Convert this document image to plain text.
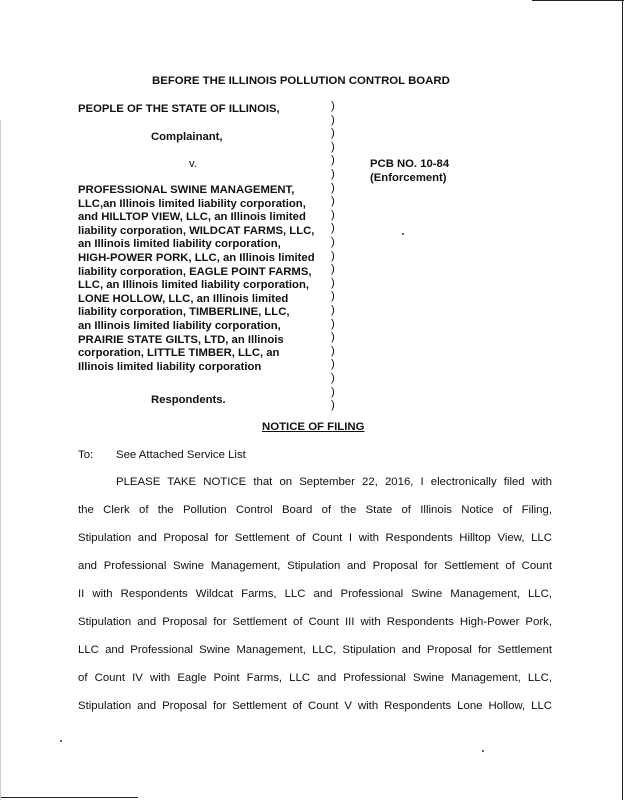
BEFORE THE ILLINOIS POLLUTION CONTROL BOARD
PEOPLE OF THE STATE OF ILLINOIS,
Complainant,
v.	PCB NO. 10-84
(Enforcement)
PROFESSIONAL SWINE MANAGEMENT,
LLC,an Illinois limited liability corporation,
and HILLTOP VIEW, LLC, an Illinois limited
liability corporation, WILDCAT FARMS, LLC,
an Illinois limited liability corporation,
HIGH-POWER PORK, LLC, an Illinois limited
liability corporation, EAGLE POINT FARMS,
LLC, an Illinois limited liability corporation,
LONE HOLLOW, LLC, an Illinois limited
liability corporation, TIMBERLINE, LLC,
an Illinois limited liability corporation,
PRAIRIE STATE GILTS, LTD, an Illinois
corporation, LITTLE TIMBER, LLC, an
Illinois limited liability corporation
Respondents.
)
)
)
)
)
)
)
)
)
)
)
)
)
)
)
)
)
)
)
)
)
)
)
NOTICE OF FILING
To: See Attached Service List
PLEASE TAKE NOTICE that on September 22, 2016, I electronically filed with
the Clerk of the Pollution Control Board of the State of Illinois Notice of Filing,
Stipulation and Proposal for Settlement of Count I with Respondents Hilltop View, LLC
and Professional Swine Management, Stipulation and Proposal for Settlement of Count
II with Respondents Wildcat Farms, LLC and Professional Swine Management, LLC,
Stipulation and Proposal for Settlement of Count III with Respondents High-Power Pork,
LLC and Professional Swine Management, LLC, Stipulation and Proposal for Settlement
of Count IV with Eagle Point Farms, LLC and Professional Swine Management, LLC,
Stipulation and Proposal for Settlement of Count V with Respondents Lone Hollow, LLC
